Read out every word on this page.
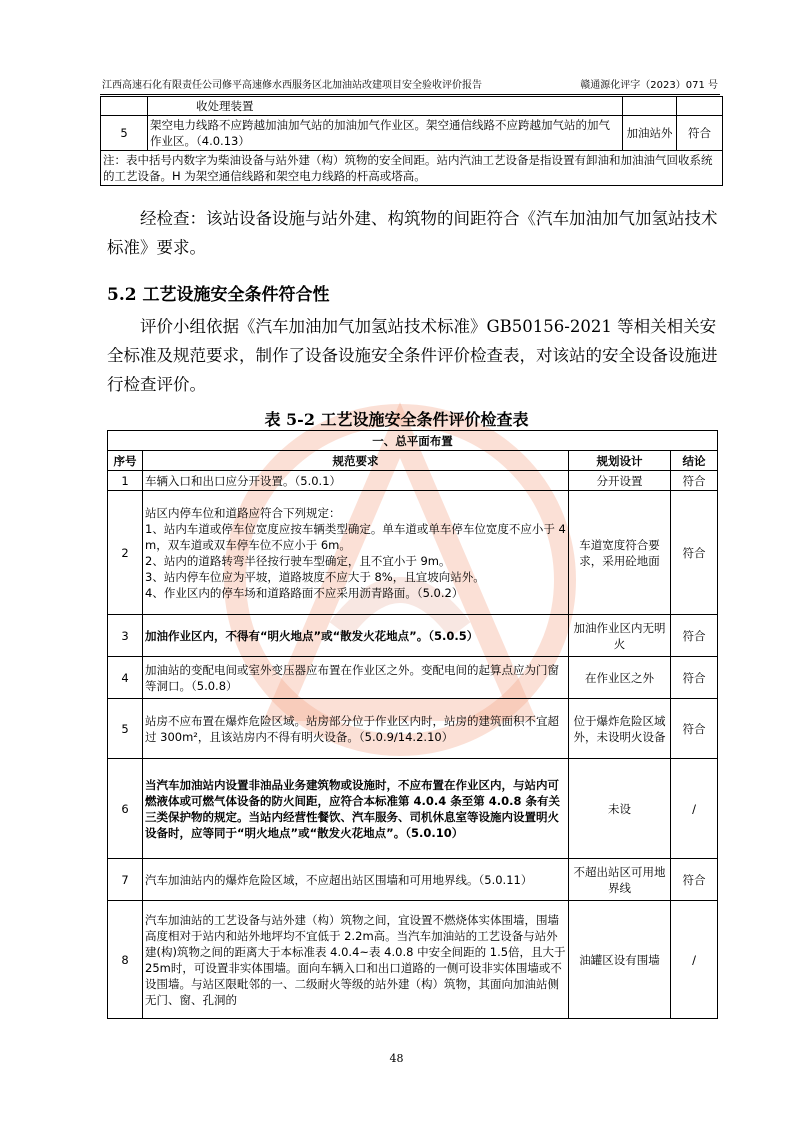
江西高速石化有限责任公司修平高速修水西服务区北加油站改建项目安全验收评价报告	赣通源化评字（2023）071 号
	收处理装置		
5	架空电力线路不应跨越加油加气站的加油加气作业区。架空通信线路不应跨越加气站的加气作业区。（4.0.13）	加油站外	符合
注：表中括号内数字为柴油设备与站外建（构）筑物的安全间距。站内汽油工艺设备是指设置有卸油和加油油气回收系统的工艺设备。H 为架空通信线路和架空电力线路的杆高或塔高。			
经检查：该站设备设施与站外建、构筑物的间距符合《汽车加油加气加氢站技术标准》要求。
5.2 工艺设施安全条件符合性
评价小组依据《汽车加油加气加氢站技术标准》GB50156-2021 等相关相关安全标准及规范要求，制作了设备设施安全条件评价检查表，对该站的安全设备设施进行检查评价。
表 5-2 工艺设施安全条件评价检查表
一、总平面布置			
序号	规范要求	规划设计	结论
1	车辆入口和出口应分开设置。（5.0.1）	分开设置	符合
2	站区内停车位和道路应符合下列规定：
1、站内车道或停车位宽度应按车辆类型确定。单车道或单车停车位宽度不应小于 4m，双车道或双车停车位不应小于 6m。
2、站内的道路转弯半径按行驶车型确定，且不宜小于 9m。
3、站内停车位应为平坡，道路坡度不应大于 8%，且宜坡向站外。
4、作业区内的停车场和道路路面不应采用沥青路面。（5.0.2）	车道宽度符合要求，采用砼地面	符合
3	加油作业区内，不得有“明火地点”或“散发火花地点”。（5.0.5）	加油作业区内无明火	符合
4	加油站的变配电间或室外变压器应布置在作业区之外。变配电间的起算点应为门窗等洞口。（5.0.8）	在作业区之外	符合
5	站房不应布置在爆炸危险区域。站房部分位于作业区内时，站房的建筑面积不宜超过 300m²，且该站房内不得有明火设备。（5.0.9/14.2.10）	位于爆炸危险区域外，未设明火设备	符合
6	当汽车加油站内设置非油品业务建筑物或设施时，不应布置在作业区内，与站内可燃液体或可燃气体设备的防火间距，应符合本标准第 4.0.4 条至第 4.0.8 条有关三类保护物的规定。当站内经营性餐饮、汽车服务、司机休息室等设施内设置明火设备时，应等同于“明火地点”或“散发火花地点”。（5.0.10）	未设	/
7	汽车加油站内的爆炸危险区域，不应超出站区围墙和可用地界线。（5.0.11）	不超出站区可用地界线	符合
8	汽车加油站的工艺设备与站外建（构）筑物之间，宜设置不燃烧体实体围墙，围墙高度相对于站内和站外地坪均不宜低于 2.2m高。当汽车加油站的工艺设备与站外建(构)筑物之间的距离大于本标准表 4.0.4~表 4.0.8 中安全间距的 1.5倍，且大于 25m时，可设置非实体围墙。面向车辆入口和出口道路的一侧可设非实体围墙或不设围墙。与站区限毗邻的一、二级耐火等级的站外建（构）筑物，其面向加油站侧无门、窗、孔洞的	油罐区设有围墙	/
48
